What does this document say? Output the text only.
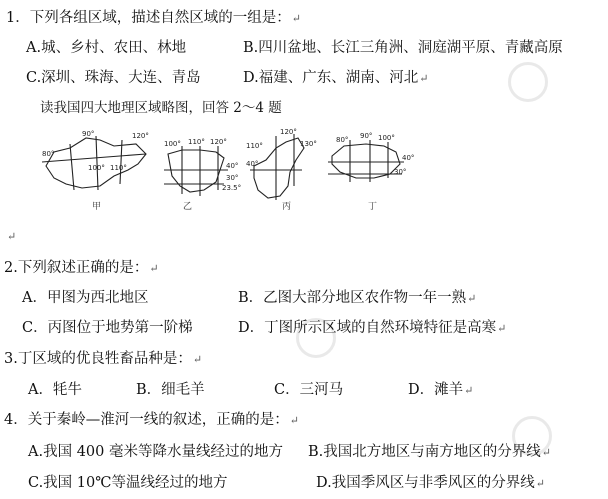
1．下列各组区域，描述自然区域的一组是：↵
A.城、乡村、农田、林地	B.四川盆地、长江三角洲、洞庭湖平原、青藏高原
C.深圳、珠海、大连、青岛	D.福建、广东、湖南、河北↵
读我国四大地理区域略图，回答 2～4 题
90°
80°
100° 110°
120°
100° 110° 120°
40°
30°
23.5°
120°
130°
40°
110°
90°
80°	100°
40°
30°
甲	乙	丙	丁
↵
2.下列叙述正确的是：↵
A．甲图为西北地区	B．乙图大部分地区农作物一年一熟↵
C．丙图位于地势第一阶梯	D．丁图所示区域的自然环境特征是高寒↵
3.丁区域的优良牲畜品种是：↵
A．牦牛	B．细毛羊	C．三河马	D．滩羊↵
4．关于秦岭—淮河一线的叙述，正确的是：↵
A.我国 400 毫米等降水量线经过的地方 B.我国北方地区与南方地区的分界线↵
C.我国 10℃等温线经过的地方	D.我国季风区与非季风区的分界线↵
